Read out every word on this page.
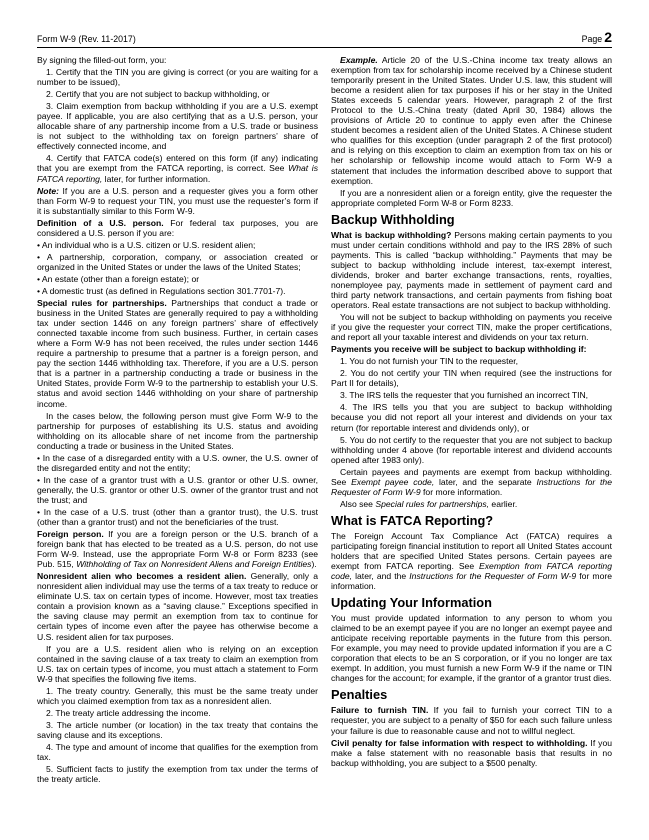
Form W-9 (Rev. 11-2017)	Page 2

By signing the filled-out form, you:

1. Certify that the TIN you are giving is correct (or you are waiting for a number to be issued),

2. Certify that you are not subject to backup withholding, or

3. Claim exemption from backup withholding if you are a U.S. exempt payee. If applicable, you are also certifying that as a U.S. person, your allocable share of any partnership income from a U.S. trade or business is not subject to the withholding tax on foreign partners’ share of effectively connected income, and

4. Certify that FATCA code(s) entered on this form (if any) indicating that you are exempt from the FATCA reporting, is correct. See What is FATCA reporting, later, for further information.

Note: If you are a U.S. person and a requester gives you a form other than Form W-9 to request your TIN, you must use the requester’s form if it is substantially similar to this Form W-9.

Definition of a U.S. person. For federal tax purposes, you are considered a U.S. person if you are:

• An individual who is a U.S. citizen or U.S. resident alien;

• A partnership, corporation, company, or association created or organized in the United States or under the laws of the United States;

• An estate (other than a foreign estate); or

• A domestic trust (as defined in Regulations section 301.7701-7).

Special rules for partnerships. Partnerships that conduct a trade or business in the United States are generally required to pay a withholding tax under section 1446 on any foreign partners’ share of effectively connected taxable income from such business. Further, in certain cases where a Form W-9 has not been received, the rules under section 1446 require a partnership to presume that a partner is a foreign person, and pay the section 1446 withholding tax. Therefore, if you are a U.S. person that is a partner in a partnership conducting a trade or business in the United States, provide Form W-9 to the partnership to establish your U.S. status and avoid section 1446 withholding on your share of partnership income.

In the cases below, the following person must give Form W-9 to the partnership for purposes of establishing its U.S. status and avoiding withholding on its allocable share of net income from the partnership conducting a trade or business in the United States.

• In the case of a disregarded entity with a U.S. owner, the U.S. owner of the disregarded entity and not the entity;

• In the case of a grantor trust with a U.S. grantor or other U.S. owner, generally, the U.S. grantor or other U.S. owner of the grantor trust and not the trust; and

• In the case of a U.S. trust (other than a grantor trust), the U.S. trust (other than a grantor trust) and not the beneficiaries of the trust.

Foreign person. If you are a foreign person or the U.S. branch of a foreign bank that has elected to be treated as a U.S. person, do not use Form W-9. Instead, use the appropriate Form W-8 or Form 8233 (see Pub. 515, Withholding of Tax on Nonresident Aliens and Foreign Entities).

Nonresident alien who becomes a resident alien. Generally, only a nonresident alien individual may use the terms of a tax treaty to reduce or eliminate U.S. tax on certain types of income. However, most tax treaties contain a provision known as a “saving clause.” Exceptions specified in the saving clause may permit an exemption from tax to continue for certain types of income even after the payee has otherwise become a U.S. resident alien for tax purposes.

If you are a U.S. resident alien who is relying on an exception contained in the saving clause of a tax treaty to claim an exemption from U.S. tax on certain types of income, you must attach a statement to Form W-9 that specifies the following five items.

1. The treaty country. Generally, this must be the same treaty under which you claimed exemption from tax as a nonresident alien.

2. The treaty article addressing the income.

3. The article number (or location) in the tax treaty that contains the saving clause and its exceptions.

4. The type and amount of income that qualifies for the exemption from tax.

5. Sufficient facts to justify the exemption from tax under the terms of the treaty article.

Example. Article 20 of the U.S.-China income tax treaty allows an exemption from tax for scholarship income received by a Chinese student temporarily present in the United States. Under U.S. law, this student will become a resident alien for tax purposes if his or her stay in the United States exceeds 5 calendar years. However, paragraph 2 of the first Protocol to the U.S.-China treaty (dated April 30, 1984) allows the provisions of Article 20 to continue to apply even after the Chinese student becomes a resident alien of the United States. A Chinese student who qualifies for this exception (under paragraph 2 of the first protocol) and is relying on this exception to claim an exemption from tax on his or her scholarship or fellowship income would attach to Form W-9 a statement that includes the information described above to support that exemption.

If you are a nonresident alien or a foreign entity, give the requester the appropriate completed Form W-8 or Form 8233.

Backup Withholding

What is backup withholding? Persons making certain payments to you must under certain conditions withhold and pay to the IRS 28% of such payments. This is called “backup withholding.” Payments that may be subject to backup withholding include interest, tax-exempt interest, dividends, broker and barter exchange transactions, rents, royalties, nonemployee pay, payments made in settlement of payment card and third party network transactions, and certain payments from fishing boat operators. Real estate transactions are not subject to backup withholding.

You will not be subject to backup withholding on payments you receive if you give the requester your correct TIN, make the proper certifications, and report all your taxable interest and dividends on your tax return.

Payments you receive will be subject to backup withholding if:

1. You do not furnish your TIN to the requester,

2. You do not certify your TIN when required (see the instructions for Part II for details),

3. The IRS tells the requester that you furnished an incorrect TIN,

4. The IRS tells you that you are subject to backup withholding because you did not report all your interest and dividends on your tax return (for reportable interest and dividends only), or

5. You do not certify to the requester that you are not subject to backup withholding under 4 above (for reportable interest and dividend accounts opened after 1983 only).

Certain payees and payments are exempt from backup withholding. See Exempt payee code, later, and the separate Instructions for the Requester of Form W-9 for more information.

Also see Special rules for partnerships, earlier.

What is FATCA Reporting?

The Foreign Account Tax Compliance Act (FATCA) requires a participating foreign financial institution to report all United States account holders that are specified United States persons. Certain payees are exempt from FATCA reporting. See Exemption from FATCA reporting code, later, and the Instructions for the Requester of Form W-9 for more information.

Updating Your Information

You must provide updated information to any person to whom you claimed to be an exempt payee if you are no longer an exempt payee and anticipate receiving reportable payments in the future from this person. For example, you may need to provide updated information if you are a C corporation that elects to be an S corporation, or if you no longer are tax exempt. In addition, you must furnish a new Form W-9 if the name or TIN changes for the account; for example, if the grantor of a grantor trust dies.

Penalties

Failure to furnish TIN. If you fail to furnish your correct TIN to a requester, you are subject to a penalty of $50 for each such failure unless your failure is due to reasonable cause and not to willful neglect.

Civil penalty for false information with respect to withholding. If you make a false statement with no reasonable basis that results in no backup withholding, you are subject to a $500 penalty.
